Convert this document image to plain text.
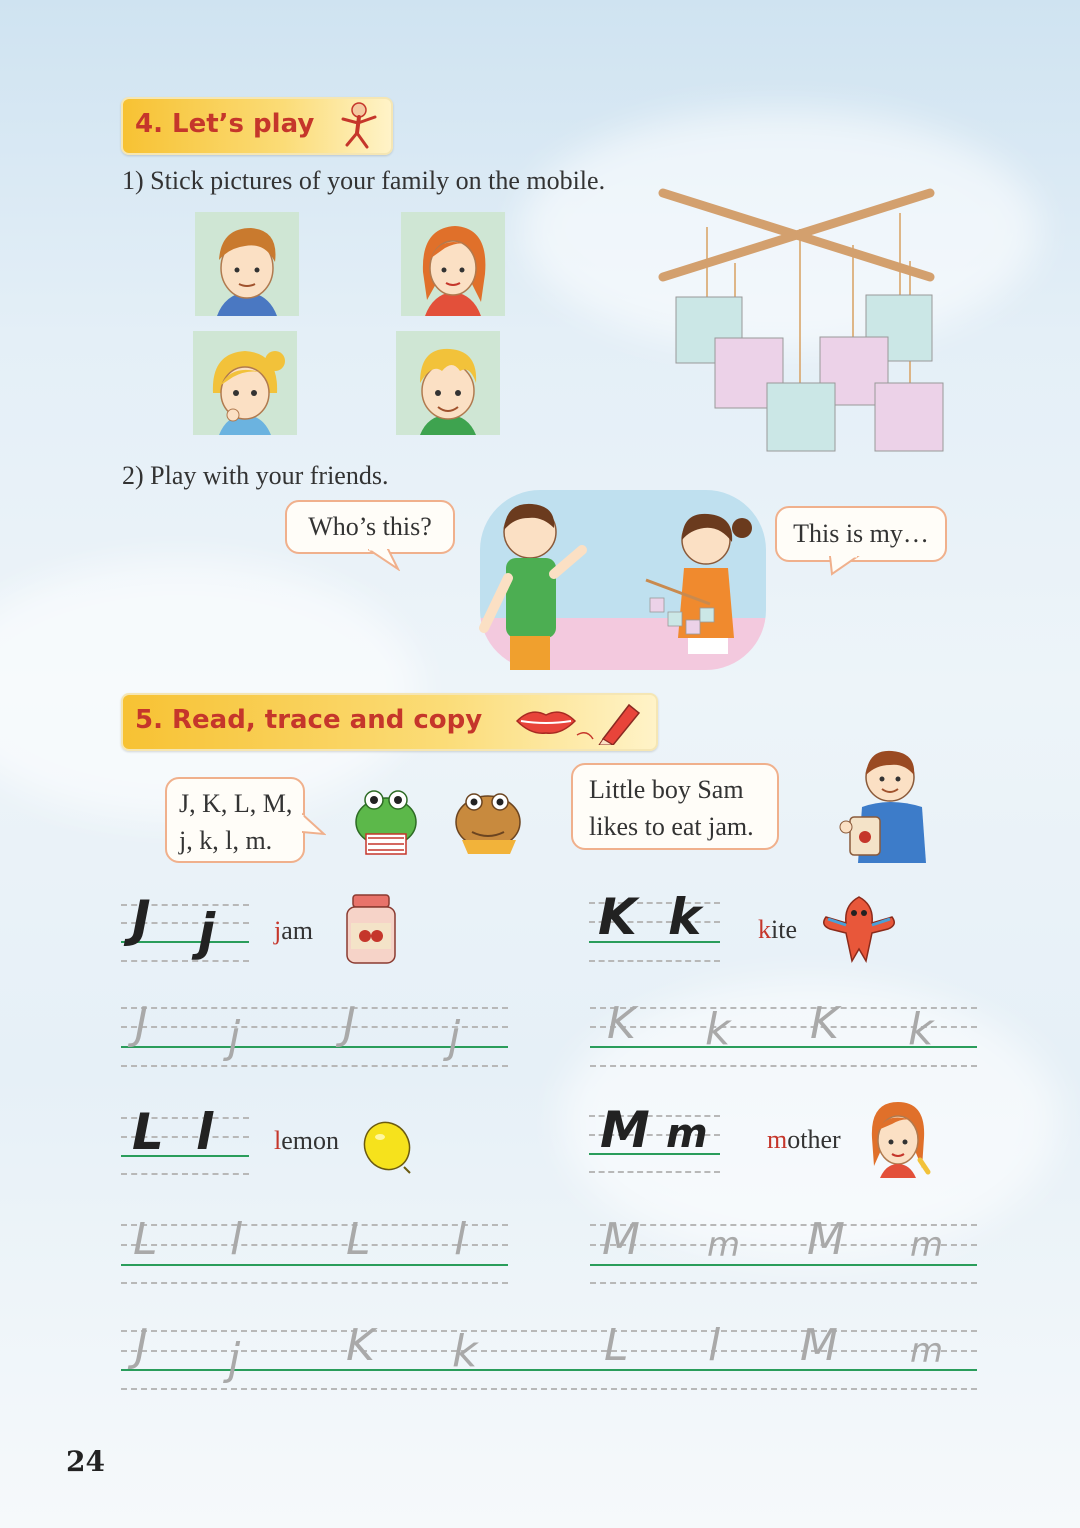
4. Let’s play
1) Stick pictures of your family on the mobile.
2) Play with your friends.
Who’s this?	This is my…
5. Read, trace and copy
J, K, L, M,
j, k, l, m.
Little boy Sam
likes to eat jam.
J j jam	K k kite
J j J j	K k K k
L l lemon	M m mother
L l L l	M m M m
J j K k	L l M m
24
